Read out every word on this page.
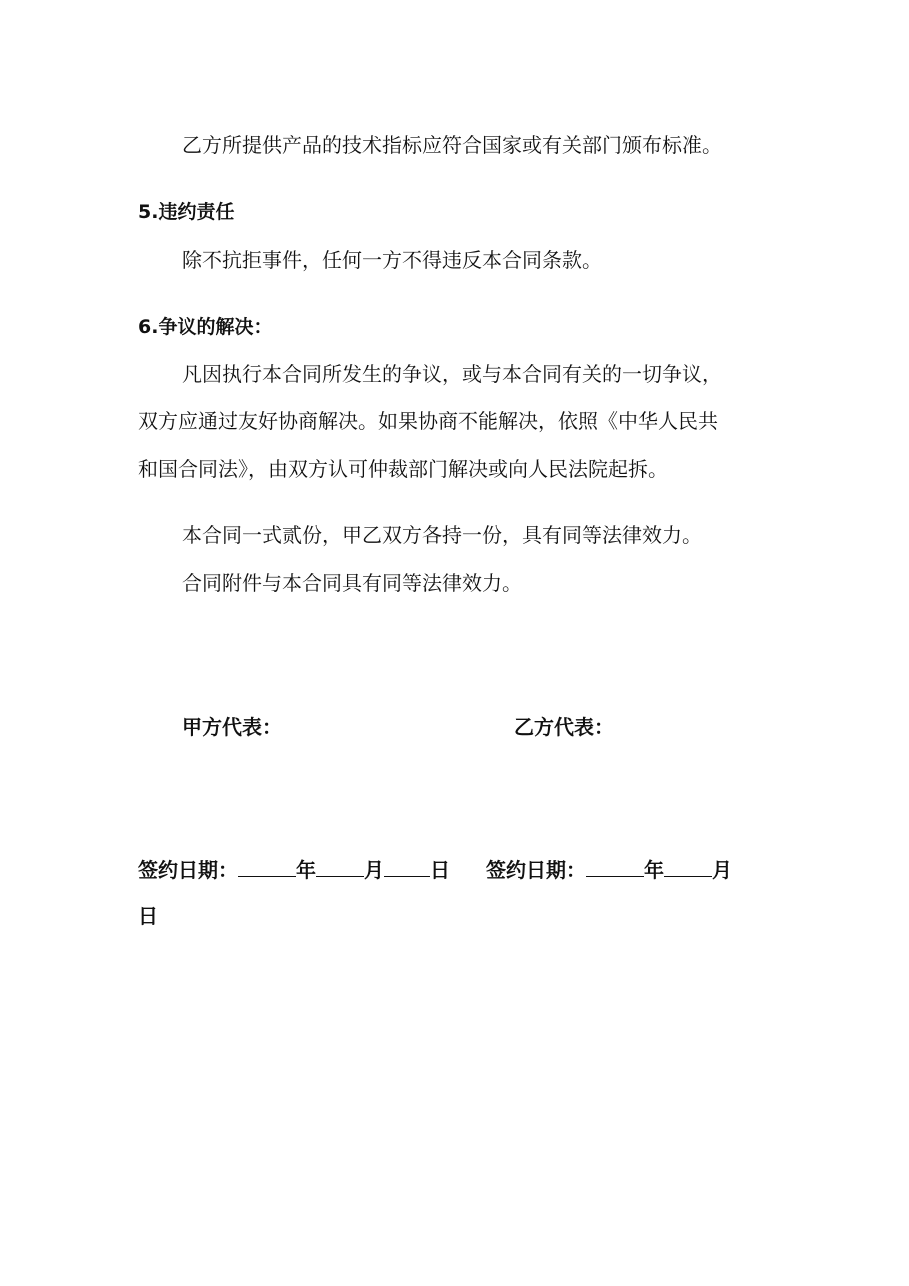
乙方所提供产品的技术指标应符合国家或有关部门颁布标准。
5.违约责任
除不抗拒事件，任何一方不得违反本合同条款。
6.争议的解决：
凡因执行本合同所发生的争议，或与本合同有关的一切争议，
双方应通过友好协商解决。如果协商不能解决，依照《中华人民共
和国合同法》，由双方认可仲裁部门解决或向人民法院起拆。
本合同一式贰份，甲乙双方各持一份，具有同等法律效力。
合同附件与本合同具有同等法律效力。
甲方代表：	乙方代表：
签约日期：	年 月 日 签约日期：	年 月
日
